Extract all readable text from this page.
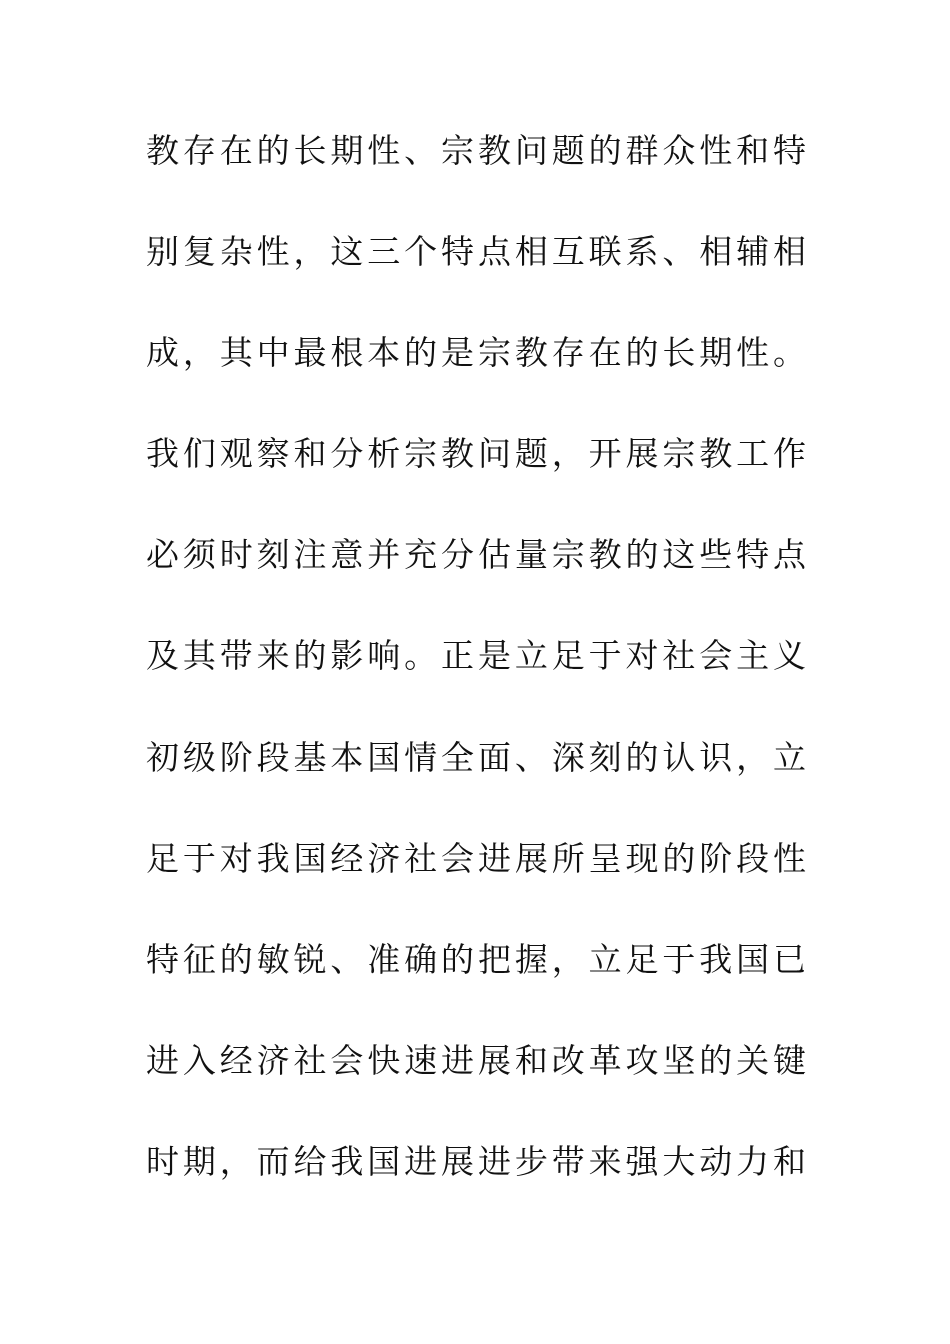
教存在的长期性、宗教问题的群众性和特
别复杂性，这三个特点相互联系、相辅相
成，其中最根本的是宗教存在的长期性。
我们观察和分析宗教问题，开展宗教工作
必须时刻注意并充分估量宗教的这些特点
及其带来的影响。正是立足于对社会主义
初级阶段基本国情全面、深刻的认识，立
足于对我国经济社会进展所呈现的阶段性
特征的敏锐、准确的把握，立足于我国已
进入经济社会快速进展和改革攻坚的关键
时期，而给我国进展进步带来强大动力和
